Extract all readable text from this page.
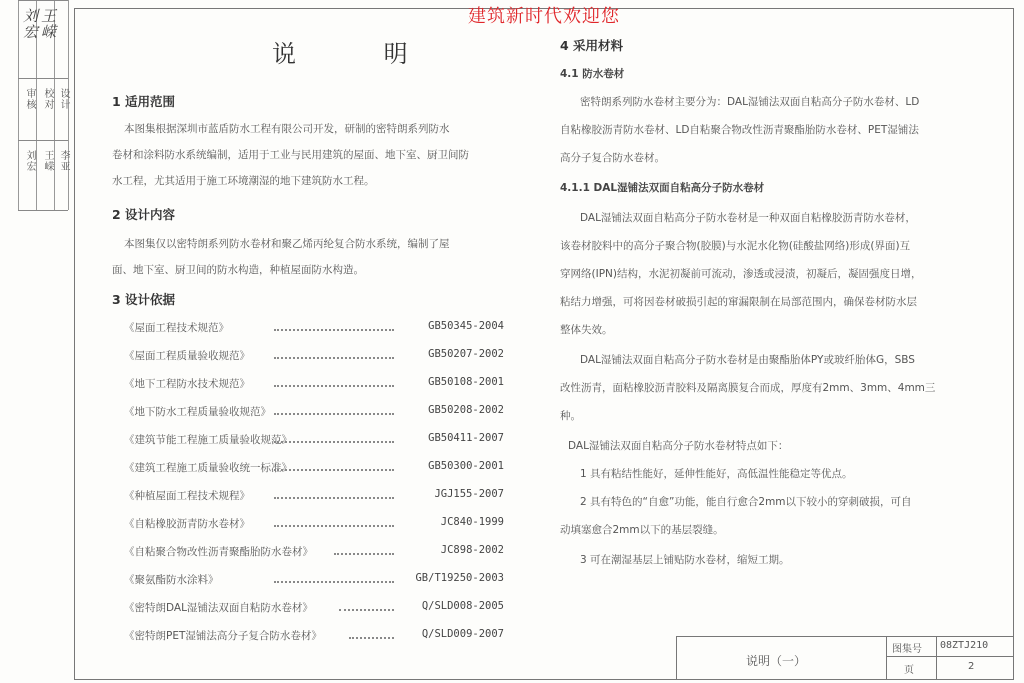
刘宏 王嵘
审核 校对 设计
刘宏 王嵘 李亚
建筑新时代欢迎您
说 明
1 适用范围
本图集根据深圳市蓝盾防水工程有限公司开发，研制的密特朗系列防水
卷材和涂料防水系统编制，适用于工业与民用建筑的屋面、地下室、厨卫间防
水工程，尤其适用于施工环境潮湿的地下建筑防水工程。
2 设计内容
本图集仅以密特朗系列防水卷材和聚乙烯丙纶复合防水系统，编制了屋
面、地下室、厨卫间的防水构造，种植屋面防水构造。
3 设计依据
《屋面工程技术规范》	GB50345-2004
《屋面工程质量验收规范》	GB50207-2002
《地下工程防水技术规范》	GB50108-2001
《地下防水工程质量验收规范》	GB50208-2002
《建筑节能工程施工质量验收规范》	GB50411-2007
《建筑工程施工质量验收统一标准》	GB50300-2001
《种植屋面工程技术规程》	JGJ155-2007
《自粘橡胶沥青防水卷材》	JC840-1999
《自粘聚合物改性沥青聚酯胎防水卷材》	JC898-2002
《聚氨酯防水涂料》	GB/T19250-2003
《密特朗DAL湿铺法双面自粘防水卷材》	Q/SLD008-2005
《密特朗PET湿铺法高分子复合防水卷材》	Q/SLD009-2007
4 采用材料
4.1 防水卷材
密特朗系列防水卷材主要分为：DAL湿铺法双面自粘高分子防水卷材、LD
自粘橡胶沥青防水卷材、LD自粘聚合物改性沥青聚酯胎防水卷材、PET湿铺法
高分子复合防水卷材。
4.1.1 DAL湿铺法双面自粘高分子防水卷材
DAL湿铺法双面自粘高分子防水卷材是一种双面自粘橡胶沥青防水卷材，
该卷材胶料中的高分子聚合物(胶膜)与水泥水化物(硅酸盐网络)形成(界面)互
穿网络(IPN)结构，水泥初凝前可流动，渗透或浸渍，初凝后，凝固强度日增，
粘结力增强，可将因卷材破损引起的窜漏限制在局部范围内，确保卷材防水层
整体失效。
DAL湿铺法双面自粘高分子防水卷材是由聚酯胎体PY或玻纤胎体G，SBS
改性沥青，面粘橡胶沥青胶料及隔离膜复合而成，厚度有2mm、3mm、4mm三
种。
DAL湿铺法双面自粘高分子防水卷材特点如下：
1 具有粘结性能好，延伸性能好，高低温性能稳定等优点。
2 具有特色的“自愈”功能，能自行愈合2mm以下较小的穿刺破损，可自
动填塞愈合2mm以下的基层裂缝。
3 可在潮湿基层上铺贴防水卷材，缩短工期。
说明（一）
图集号 08ZTJ210
页	2
